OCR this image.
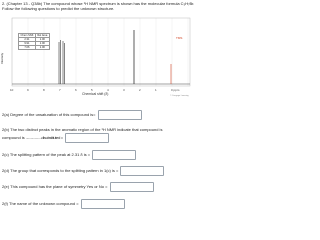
2. (Chapter 13 - Q38b) The compound whose ¹H NMR spectrum is shown has the molecular formula C₃H₇Br. Follow the following questions to predict the unknown structure.
Chem Shift	Rel Area
2.31	1.00
9.91	1.00
7.06	1.00
Intensity
TMS
10	9	8	7	6	5	4	3	2	1	0 ppm
Chemical shift (δ)	© Cengage Learning
2(a) Degree of the unsaturation of this compound is=
2(b) The two distinct peaks in the aromatic region of the ¹H NMR indicate that compound is
compound is ................. -disubstituted =
2(c) The splitting pattern of the peak at 2.31 δ is =
2(d) The group that corresponds to the splitting pattern in 1(c) is =
2(e) This compound has the plane of symmetry Yes or No =
2(f) The name of the unknown compound =
